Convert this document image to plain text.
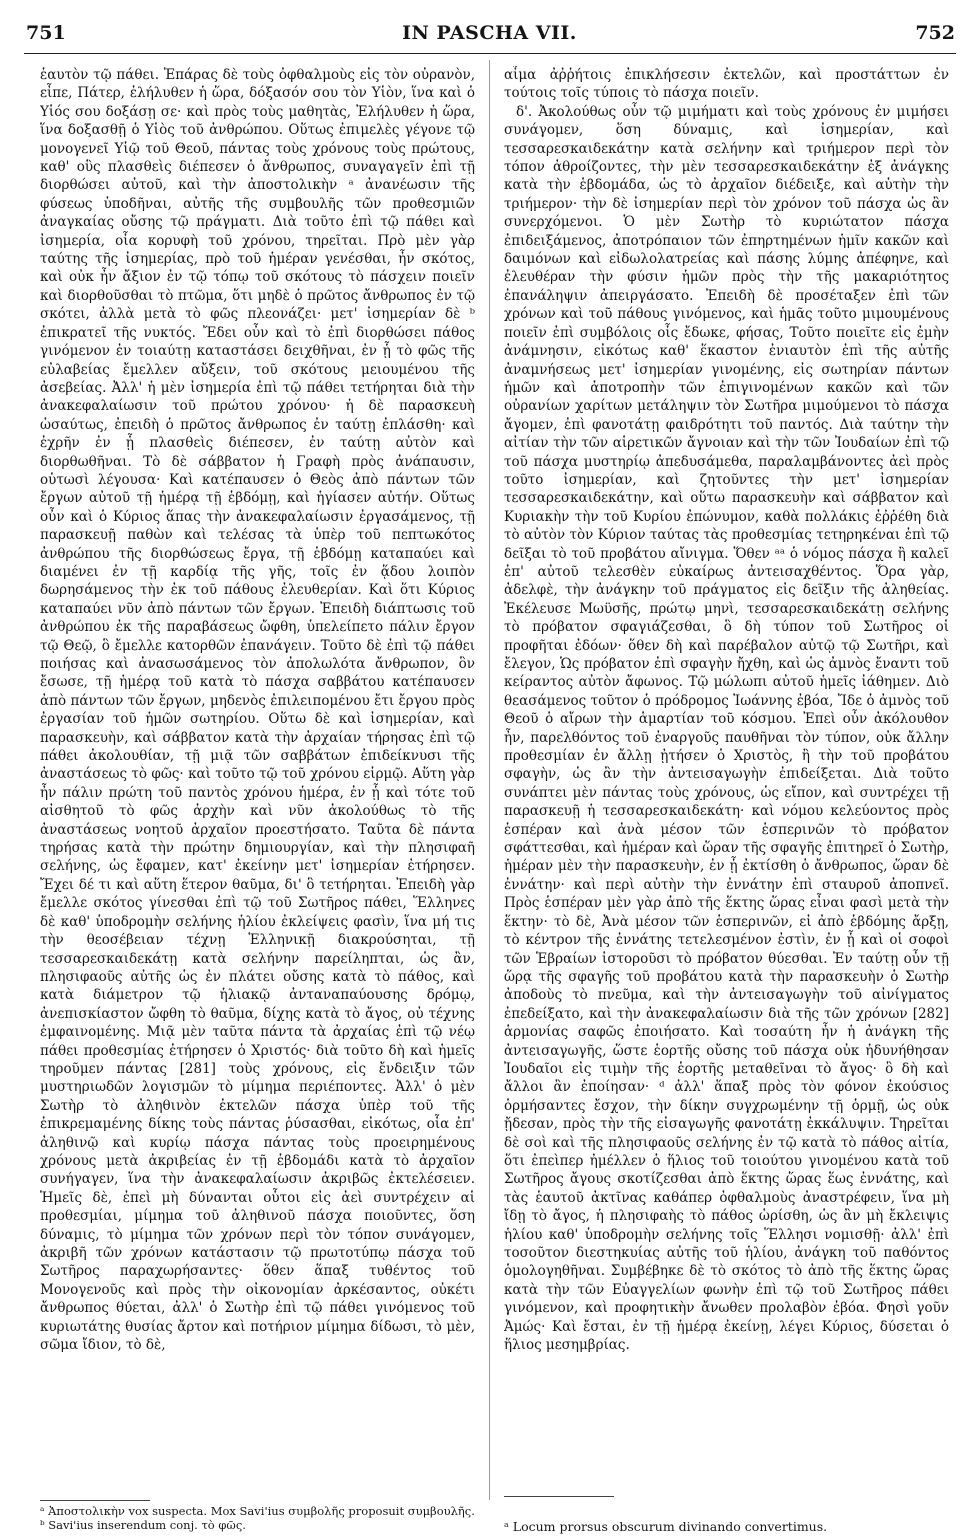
751	IN PASCHA VII.	752

ἑαυτὸν τῷ πάθει. Ἐπάρας δὲ τοὺς ὀφθαλμοὺς εἰς τὸν οὐρανὸν, εἶπε, Πάτερ, ἐλήλυθεν ἡ ὥρα, δόξασόν σου τὸν Υἱὸν, ἵνα καὶ ὁ Υἱός σου δοξάσῃ σε· καὶ πρὸς τοὺς μαθητὰς, Ἐλήλυθεν ἡ ὥρα, ἵνα δοξασθῇ ὁ Υἱὸς τοῦ ἀνθρώπου. Οὕτως ἐπιμελὲς γέγονε τῷ μονογενεῖ Υἱῷ τοῦ Θεοῦ, πάντας τοὺς χρόνους τοὺς πρώτους, καθ' οὓς πλασθεὶς διέπεσεν ὁ ἄνθρωπος, συναγαγεῖν ἐπὶ τῇ διορθώσει αὐτοῦ, καὶ τὴν ἀποστολικὴν ᵃ ἀνανέωσιν τῆς φύσεως ὑποδῆναι, αὐτῆς τῆς συμβουλῆς τῶν προθεσμιῶν ἀναγκαίας οὔσης τῷ πράγματι. Διὰ τοῦτο ἐπὶ τῷ πάθει καὶ ἰσημερία, οἷα κορυφὴ τοῦ χρόνου, τηρεῖται. Πρὸ μὲν γὰρ ταύτης τῆς ἰσημερίας, πρὸ τοῦ ἡμέραν γενέσθαι, ἦν σκότος, καὶ οὐκ ἦν ἄξιον ἐν τῷ τόπῳ τοῦ σκότους τὸ πάσχειν ποιεῖν καὶ διορθοῦσθαι τὸ πτῶμα, ὅτι μηδὲ ὁ πρῶτος ἄνθρωπος ἐν τῷ σκότει, ἀλλὰ μετὰ τὸ φῶς πλεονάζει· μετ' ἰσημερίαν δὲ ᵇ ἐπικρατεῖ τῆς νυκτός. Ἔδει οὖν καὶ τὸ ἐπὶ διορθώσει πάθος γινόμενον ἐν τοιαύτῃ καταστάσει δειχθῆναι, ἐν ᾗ τὸ φῶς τῆς εὐλαβείας ἔμελλεν αὔξειν, τοῦ σκότους μειουμένου τῆς ἀσεβείας. Ἀλλ' ἡ μὲν ἰσημερία ἐπὶ τῷ πάθει τετήρηται διὰ τὴν ἀνακεφαλαίωσιν τοῦ πρώτου χρόνου· ἡ δὲ παρασκευὴ ὡσαύτως, ἐπειδὴ ὁ πρῶτος ἄνθρωπος ἐν ταύτῃ ἐπλάσθη· καὶ ἐχρῆν ἐν ᾗ πλασθεὶς διέπεσεν, ἐν ταύτῃ αὐτὸν καὶ διορθωθῆναι. Τὸ δὲ σάββατον ἡ Γραφὴ πρὸς ἀνάπαυσιν, οὑτωσὶ λέγουσα· Καὶ κατέπαυσεν ὁ Θεὸς ἀπὸ πάντων τῶν ἔργων αὐτοῦ τῇ ἡμέρᾳ τῇ ἑβδόμῃ, καὶ ἡγίασεν αὐτήν. Οὕτως οὖν καὶ ὁ Κύριος ἅπας τὴν ἀνακεφαλαίωσιν ἐργασάμενος, τῇ παρασκευῇ παθὼν καὶ τελέσας τὰ ὑπὲρ τοῦ πεπτωκότος ἀνθρώπου τῆς διορθώσεως ἔργα, τῇ ἑβδόμῃ καταπαύει καὶ διαμένει ἐν τῇ καρδίᾳ τῆς γῆς, τοῖς ἐν ᾅδου λοιπὸν δωρησάμενος τὴν ἐκ τοῦ πάθους ἐλευθερίαν. Καὶ ὅτι Κύριος καταπαύει νῦν ἀπὸ πάντων τῶν ἔργων. Ἐπειδὴ διάπτωσις τοῦ ἀνθρώπου ἐκ τῆς παραβάσεως ὤφθη, ὑπελείπετο πάλιν ἔργον τῷ Θεῷ, ὃ ἔμελλε κατορθῶν ἐπανάγειν. Τοῦτο δὲ ἐπὶ τῷ πάθει ποιήσας καὶ ἀνασωσάμενος τὸν ἀπολωλότα ἄνθρωπον, ὃν ἔσωσε, τῇ ἡμέρᾳ τοῦ κατὰ τὸ πάσχα σαββάτου κατέπαυσεν ἀπὸ πάντων τῶν ἔργων, μηδενὸς ἐπιλειπομένου ἔτι ἔργου πρὸς ἐργασίαν τοῦ ἡμῶν σωτηρίου. Οὕτω δὲ καὶ ἰσημερίαν, καὶ παρασκευὴν, καὶ σάββατον κατὰ τὴν ἀρχαίαν τήρησας ἐπὶ τῷ πάθει ἀκολουθίαν, τῇ μιᾷ τῶν σαββάτων ἐπιδείκνυσι τῆς ἀναστάσεως τὸ φῶς· καὶ τοῦτο τῷ τοῦ χρόνου εἱρμῷ. Αὕτη γὰρ ἦν πάλιν πρώτη τοῦ παντὸς χρόνου ἡμέρα, ἐν ᾗ καὶ τότε τοῦ αἰσθητοῦ τὸ φῶς ἀρχὴν καὶ νῦν ἀκολούθως τὸ τῆς ἀναστάσεως νοητοῦ ἀρχαῖον προεστήσατο. Ταῦτα δὲ πάντα τηρήσας κατὰ τὴν πρώτην δημιουργίαν, καὶ τὴν πλησιφαῆ σελήνης, ὡς ἔφαμεν, κατ' ἐκείνην μετ' ἰσημερίαν ἐτήρησεν. Ἔχει δέ τι καὶ αὕτη ἕτερον θαῦμα, δι' ὃ τετήρηται. Ἐπειδὴ γὰρ ἔμελλε σκότος γίνεσθαι ἐπὶ τῷ τοῦ Σωτῆρος πάθει, Ἕλληνες δὲ καθ' ὑποδρομὴν σελήνης ἡλίου ἐκλείψεις φασὶν, ἵνα μή τις τὴν θεοσέβειαν τέχνῃ Ἑλληνικῇ διακρούσηται, τῇ τεσσαρεσκαιδεκάτῃ κατὰ σελήνην παρείληπται, ὡς ἂν, πλησιφαοῦς αὐτῆς ὡς ἐν πλάτει οὔσης κατὰ τὸ πάθος, καὶ κατὰ διάμετρον τῷ ἡλιακῷ ἀνταναπαύουσης δρόμῳ, ἀνεπισκίαστον ὤφθη τὸ θαῦμα, δίχης κατὰ τὸ ἄγος, οὐ τέχνης ἐμφαινομένης. Μιᾷ μὲν ταῦτα πάντα τὰ ἀρχαίας ἐπὶ τῷ νέῳ πάθει προθεσμίας ἐτήρησεν ὁ Χριστός· διὰ τοῦτο δὴ καὶ ἡμεῖς τηροῦμεν πάντας [281] τοὺς χρόνους, εἰς ἔνδειξιν τῶν μυστηριωδῶν λογισμῶν τὸ μίμημα περιέποντες. Ἀλλ' ὁ μὲν Σωτὴρ τὸ ἀληθινὸν ἐκτελῶν πάσχα ὑπὲρ τοῦ τῆς ἐπικρεμαμένης δίκης τοὺς πάντας ῥύσασθαι, εἰκότως, οἷα ἐπ' ἀληθινῷ καὶ κυρίῳ πάσχα πάντας τοὺς προειρημένους χρόνους μετὰ ἀκριβείας ἐν τῇ ἑβδομάδι κατὰ τὸ ἀρχαῖον συνήγαγεν, ἵνα τὴν ἀνακεφαλαίωσιν ἀκριβῶς ἐκτελέσειεν. Ἡμεῖς δὲ, ἐπεὶ μὴ δύνανται οὗτοι εἰς ἀεὶ συντρέχειν αἱ προθεσμίαι, μίμημα τοῦ ἀληθινοῦ πάσχα ποιοῦντες, ὅση δύναμις, τὸ μίμημα τῶν χρόνων περὶ τὸν τόπον συνάγομεν, ἀκριβῆ τῶν χρόνων κατάστασιν τῷ πρωτοτύπῳ πάσχα τοῦ Σωτῆρος παραχωρήσαντες· ὅθεν ἅπαξ τυθέντος τοῦ Μονογενοῦς καὶ πρὸς τὴν οἰκονομίαν ἀρκέσαντος, οὐκέτι ἄνθρωπος θύεται, ἀλλ' ὁ Σωτὴρ ἐπὶ τῷ πάθει γινόμενος τοῦ κυριωτάτης θυσίας ἄρτον καὶ ποτήριον μίμημα δίδωσι, τὸ μὲν, σῶμα ἴδιον, τὸ δὲ,

αἷμα ἀῤῥήτοις ἐπικλήσεσιν ἐκτελῶν, καὶ προστάττων ἐν τούτοις τοῖς τύποις τὸ πάσχα ποιεῖν.

δ'. Ἀκολούθως οὖν τῷ μιμήματι καὶ τοὺς χρόνους ἐν μιμήσει συνάγομεν, ὅση δύναμις, καὶ ἰσημερίαν, καὶ τεσσαρεσκαιδεκάτην κατὰ σελήνην καὶ τριήμερον περὶ τὸν τόπον ἀθροίζοντες, τὴν μὲν τεσσαρεσκαιδεκάτην ἐξ ἀνάγκης κατὰ τὴν ἑβδομάδα, ὡς τὸ ἀρχαῖον διέδειξε, καὶ αὐτὴν τὴν τριήμερον· τὴν δὲ ἰσημερίαν περὶ τὸν χρόνον τοῦ πάσχα ὡς ἂν συνερχόμενοι. Ὁ μὲν Σωτὴρ τὸ κυριώτατον πάσχα ἐπιδειξάμενος, ἀποτρόπαιον τῶν ἐπηρτημένων ἡμῖν κακῶν καὶ δαιμόνων καὶ εἰδωλολατρείας καὶ πάσης λύμης ἀπέφηνε, καὶ ἐλευθέραν τὴν φύσιν ἡμῶν πρὸς τὴν τῆς μακαριότητος ἐπανάληψιν ἀπειργάσατο. Ἐπειδὴ δὲ προσέταξεν ἐπὶ τῶν χρόνων καὶ τοῦ πάθους γινόμενος, καὶ ἡμᾶς τοῦτο μιμουμένους ποιεῖν ἐπὶ συμβόλοις οἷς ἔδωκε, φήσας, Τοῦτο ποιεῖτε εἰς ἐμὴν ἀνάμνησιν, εἰκότως καθ' ἕκαστον ἐνιαυτὸν ἐπὶ τῆς αὐτῆς ἀναμνήσεως μετ' ἰσημερίαν γινομένης, εἰς σωτηρίαν πάντων ἡμῶν καὶ ἀποτροπὴν τῶν ἐπιγινομένων κακῶν καὶ τῶν οὐρανίων χαρίτων μετάληψιν τὸν Σωτῆρα μιμούμενοι τὸ πάσχα ἄγομεν, ἐπὶ φανοτάτῃ φαιδρότητι τοῦ παντός. Διὰ ταύτην τὴν αἰτίαν τὴν τῶν αἱρετικῶν ἄγνοιαν καὶ τὴν τῶν Ἰουδαίων ἐπὶ τῷ τοῦ πάσχα μυστηρίῳ ἀπεδυσάμεθα, παραλαμβάνοντες ἀεὶ πρὸς τοῦτο ἰσημερίαν, καὶ ζητοῦντες τὴν μετ' ἰσημερίαν τεσσαρεσκαιδεκάτην, καὶ οὕτω παρασκευὴν καὶ σάββατον καὶ Κυριακὴν τὴν τοῦ Κυρίου ἐπώνυμον, καθὰ πολλάκις ἐῤῥέθη διὰ τὸ αὐτὸν τὸν Κύριον ταύτας τὰς προθεσμίας τετηρηκέναι ἐπὶ τῷ δεῖξαι τὸ τοῦ προβάτου αἴνιγμα. Ὅθεν ᵃᵃ ὁ νόμος πάσχα ἢ καλεῖ ἐπ' αὐτοῦ τελεσθὲν εὐκαίρως ἀντεισαχθέντος. Ὅρα γὰρ, ἀδελφὲ, τὴν ἀνάγκην τοῦ πράγματος εἰς δεῖξιν τῆς ἀληθείας. Ἐκέλευσε Μωϋσῆς, πρώτῳ μηνὶ, τεσσαρεσκαιδεκάτῃ σελήνης τὸ πρόβατον σφαγιάζεσθαι, ὃ δὴ τύπον τοῦ Σωτῆρος οἱ προφῆται ἐδόων· ὅθεν δὴ καὶ παρέβαλον αὐτῷ τῷ Σωτῆρι, καὶ ἔλεγον, Ὡς πρόβατον ἐπὶ σφαγὴν ἤχθη, καὶ ὡς ἀμνὸς ἔναντι τοῦ κείραντος αὐτὸν ἄφωνος. Τῷ μώλωπι αὐτοῦ ἡμεῖς ἰάθημεν. Διὸ θεασάμενος τοῦτον ὁ πρόδρομος Ἰωάννης ἐβόα, Ἴδε ὁ ἀμνὸς τοῦ Θεοῦ ὁ αἴρων τὴν ἁμαρτίαν τοῦ κόσμου. Ἐπεὶ οὖν ἀκόλουθον ἦν, παρελθόντος τοῦ ἐναργοῦς παυθῆναι τὸν τύπον, οὐκ ἄλλην προθεσμίαν ἐν ἄλλῃ ᾐτήσεν ὁ Χριστὸς, ἢ τὴν τοῦ προβάτου σφαγὴν, ὡς ἂν τὴν ἀντεισαγωγὴν ἐπιδείξεται. Διὰ τοῦτο συνάπτει μὲν πάντας τοὺς χρόνους, ὡς εἴπον, καὶ συντρέχει τῇ παρασκευῇ ἡ τεσσαρεσκαιδεκάτη· καὶ νόμου κελεύοντος πρὸς ἑσπέραν καὶ ἀνὰ μέσον τῶν ἑσπερινῶν τὸ πρόβατον σφάττεσθαι, καὶ ἡμέραν καὶ ὥραν τῆς σφαγῆς ἐπιτηρεῖ ὁ Σωτὴρ, ἡμέραν μὲν τὴν παρασκευὴν, ἐν ᾗ ἐκτίσθη ὁ ἄνθρωπος, ὥραν δὲ ἐννάτην· καὶ περὶ αὐτὴν τὴν ἐννάτην ἐπὶ σταυροῦ ἀποπνεῖ. Πρὸς ἑσπέραν μὲν γὰρ ἀπὸ τῆς ἕκτης ὥρας εἶναι φασὶ μετὰ τὴν ἕκτην· τὸ δὲ, Ἀνὰ μέσον τῶν ἑσπερινῶν, εἰ ἀπὸ ἑβδόμης ἄρξῃ, τὸ κέντρον τῆς ἐννάτης τετελεσμένον ἐστὶν, ἐν ᾗ καὶ οἱ σοφοὶ τῶν Ἑβραίων ἱστοροῦσι τὸ πρόβατον θύεσθαι. Ἐν ταύτῃ οὖν τῇ ὥρᾳ τῆς σφαγῆς τοῦ προβάτου κατὰ τὴν παρασκευὴν ὁ Σωτὴρ ἀποδοὺς τὸ πνεῦμα, καὶ τὴν ἀντεισαγωγὴν τοῦ αἰνίγματος ἐπεδείξατο, καὶ τὴν ἀνακεφαλαίωσιν διὰ τῆς τῶν χρόνων [282] ἁρμονίας σαφῶς ἐποιήσατο. Καὶ τοσαύτη ἦν ἡ ἀνάγκη τῆς ἀντεισαγωγῆς, ὥστε ἑορτῆς οὔσης τοῦ πάσχα οὐκ ἠδυνήθησαν Ἰουδαῖοι εἰς τιμὴν τῆς ἑορτῆς μεταθεῖναι τὸ ἄγος· ὃ δὴ καὶ ἄλλοι ἂν ἐποίησαν· ᵈ ἀλλ' ἅπαξ πρὸς τὸν φόνον ἐκούσιος ὁρμήσαντες ἔσχον, τὴν δίκην συγχρωμένην τῇ ὁρμῇ, ὡς οὐκ ᾔδεσαν, πρὸς τὴν τῆς εἰσαγωγῆς φανοτάτῃ ἐκκάλυψιν. Τηρεῖται δὲ σοὶ καὶ τῆς πλησιφαοῦς σελήνης ἐν τῷ κατὰ τὸ πάθος αἰτία, ὅτι ἐπεὶπερ ἠμέλλεν ὁ ἥλιος τοῦ τοιούτου γινομένου κατὰ τοῦ Σωτῆρος ἄγους σκοτίζεσθαι ἀπὸ ἕκτης ὥρας ἕως ἐννάτης, καὶ τὰς ἑαυτοῦ ἀκτῖνας καθάπερ ὀφθαλμοὺς ἀναστρέφειν, ἵνα μὴ ἴδῃ τὸ ἄγος, ἡ πλησιφαὴς τὸ πάθος ὡρίσθη, ὡς ἂν μὴ ἔκλειψις ἡλίου καθ' ὑποδρομὴν σελήνης τοῖς Ἕλλησι νομισθῇ· ἀλλ' ἐπὶ τοσοῦτον διεστηκυίας αὐτῆς τοῦ ἡλίου, ἀνάγκη τοῦ παθόντος ὁμολογηθῆναι. Συμβέβηκε δὲ τὸ σκότος τὸ ἀπὸ τῆς ἕκτης ὥρας κατὰ τὴν τῶν Εὐαγγελίων φωνὴν ἐπὶ τῷ τοῦ Σωτῆρος πάθει γινόμενον, καὶ προφητικὴν ἄνωθεν προλαβὸν ἐβόα. Φησὶ γοῦν Ἀμώς· Καὶ ἔσται, ἐν τῇ ἡμέρᾳ ἐκείνῃ, λέγει Κύριος, δύσεται ὁ ἥλιος μεσημβρίας.

ᵃ Ἀποστολικὴν vox suspecta. Mox Savi'ius συμβολῆς proposuit συμβουλῆς. ᵇ Savi'ius inserendum conj. τὸ φῶς.	ᵃ Locum prorsus obscurum divinando convertimus.
